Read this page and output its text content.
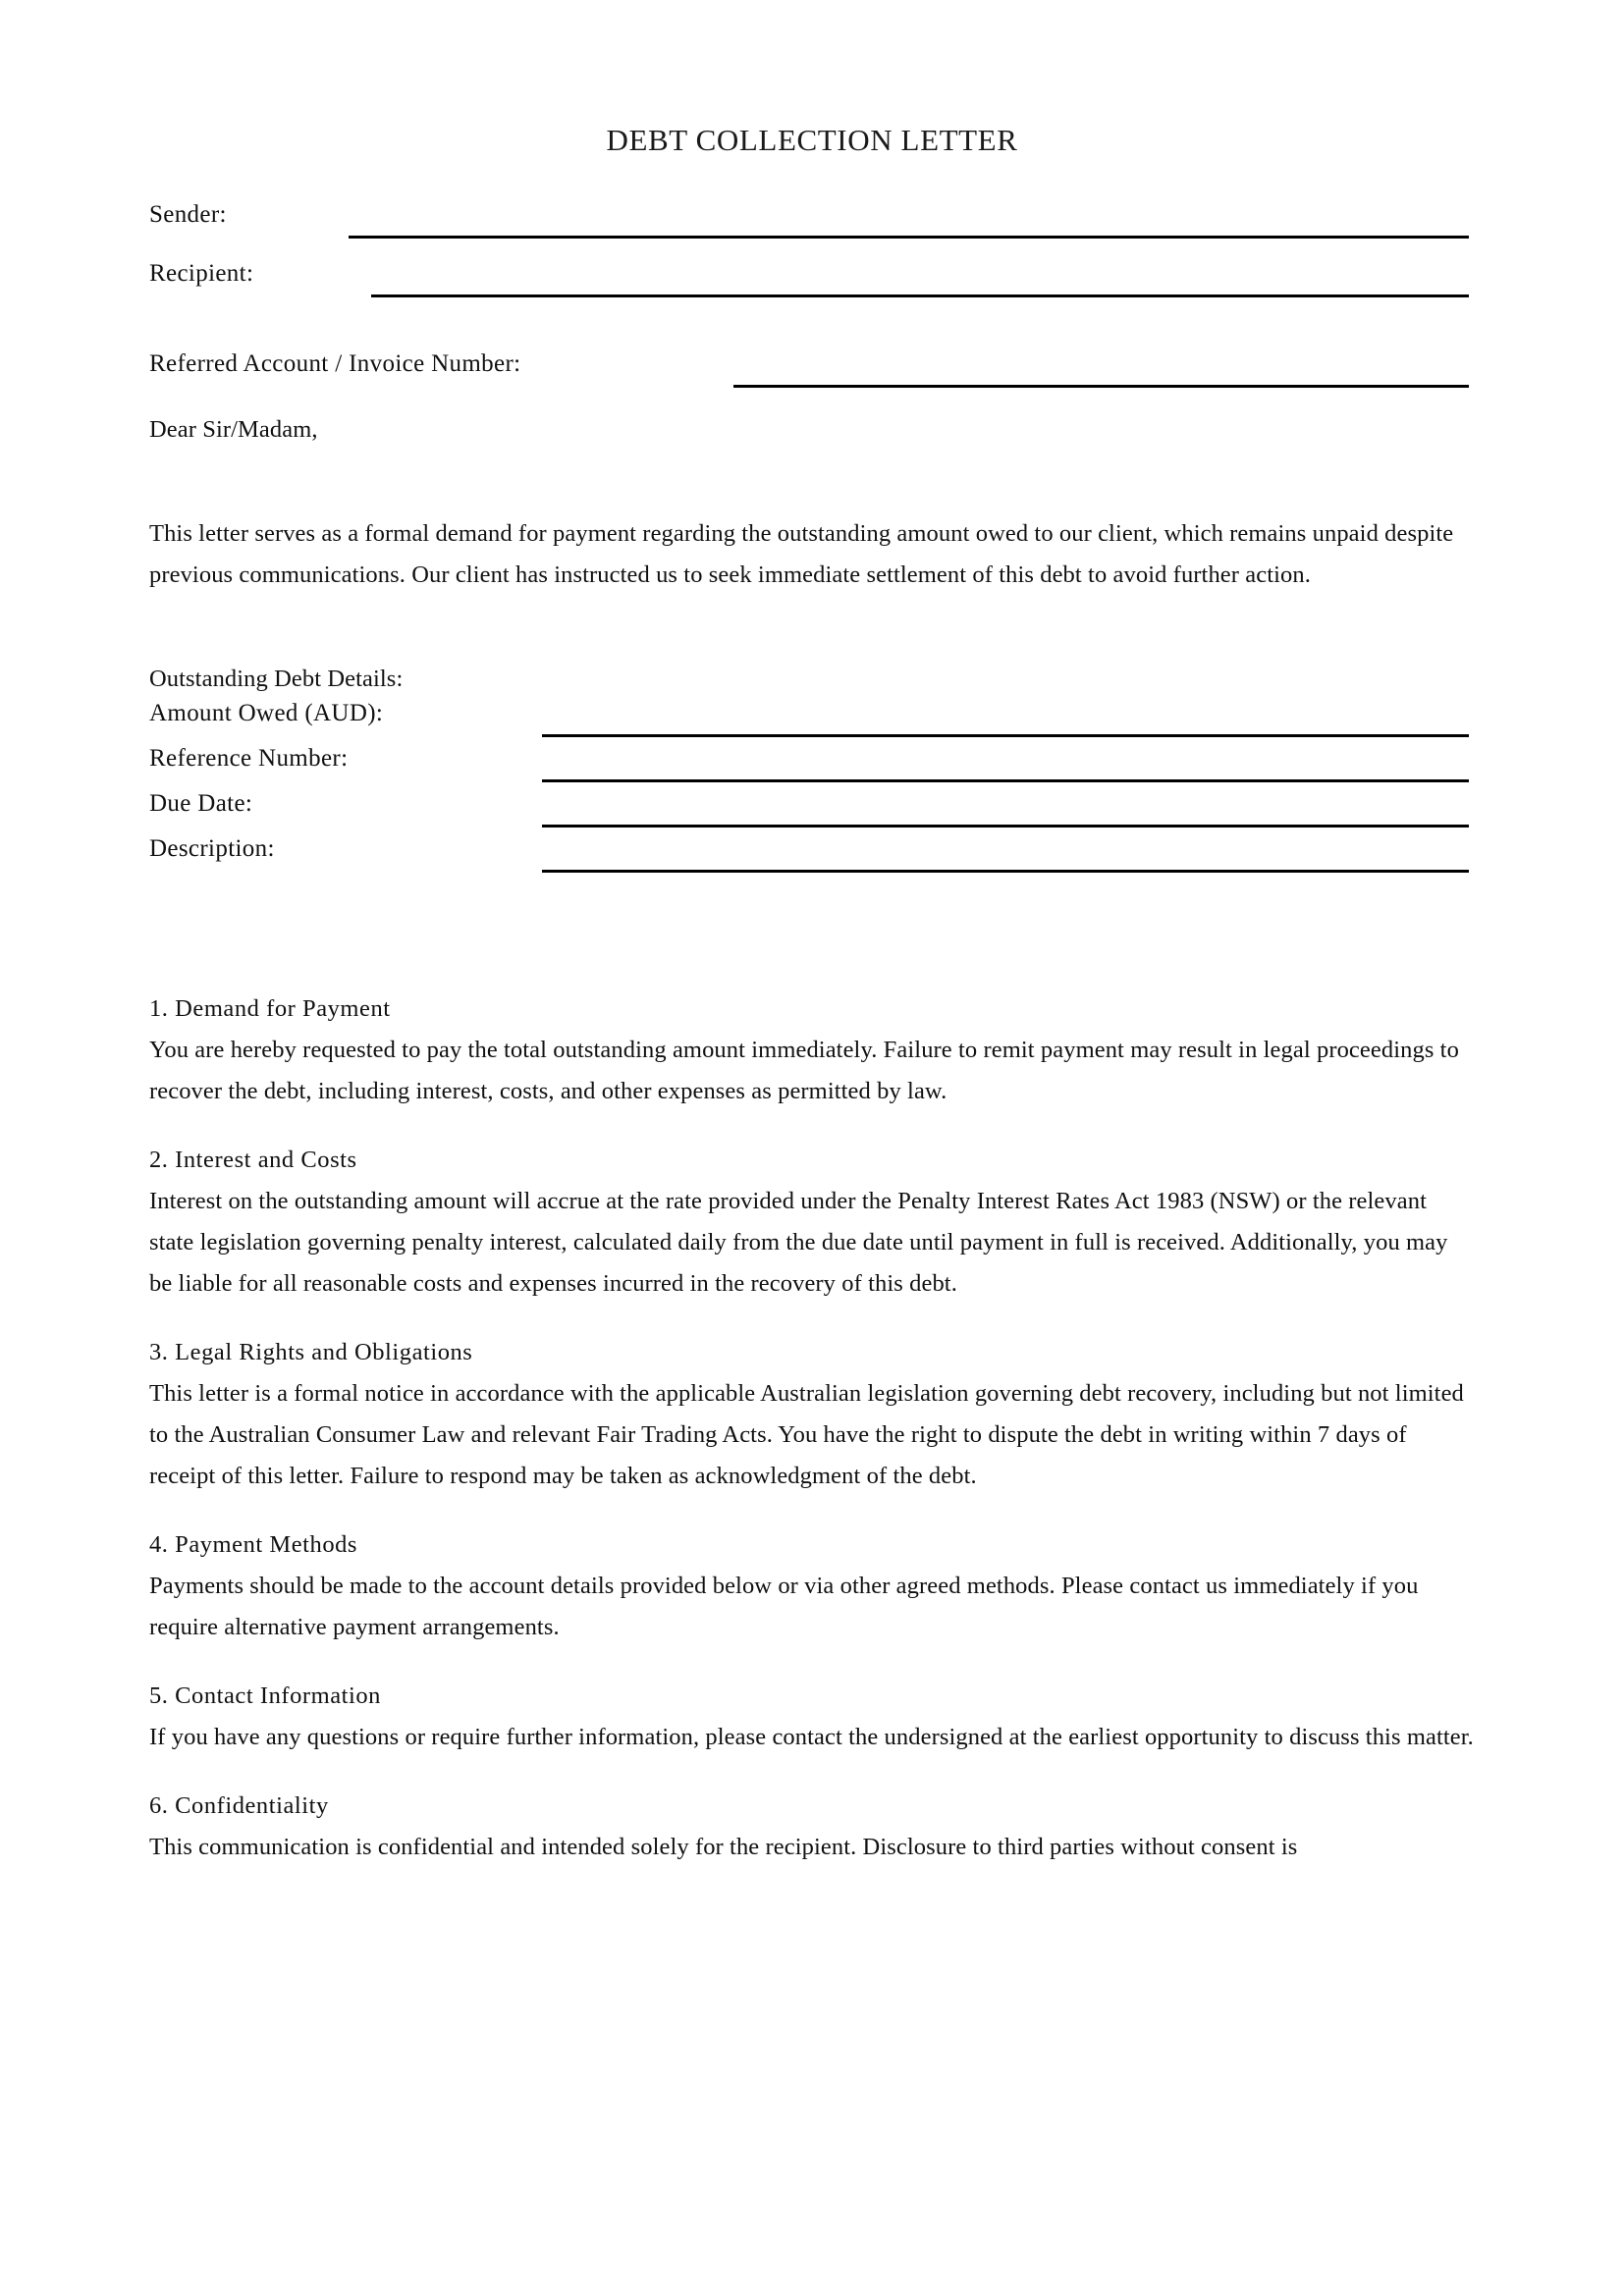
DEBT COLLECTION LETTER
Sender:
Recipient:
Referred Account / Invoice Number:
Dear Sir/Madam,
This letter serves as a formal demand for payment regarding the outstanding amount owed to our client, which remains unpaid despite previous communications. Our client has instructed us to seek immediate settlement of this debt to avoid further action.
Outstanding Debt Details:
Amount Owed (AUD):
Reference Number:
Due Date:
Description:
1. Demand for Payment
You are hereby requested to pay the total outstanding amount immediately. Failure to remit payment may result in legal proceedings to recover the debt, including interest, costs, and other expenses as permitted by law.
2. Interest and Costs
Interest on the outstanding amount will accrue at the rate provided under the Penalty Interest Rates Act 1983 (NSW) or the relevant state legislation governing penalty interest, calculated daily from the due date until payment in full is received. Additionally, you may be liable for all reasonable costs and expenses incurred in the recovery of this debt.
3. Legal Rights and Obligations
This letter is a formal notice in accordance with the applicable Australian legislation governing debt recovery, including but not limited to the Australian Consumer Law and relevant Fair Trading Acts. You have the right to dispute the debt in writing within 7 days of receipt of this letter. Failure to respond may be taken as acknowledgment of the debt.
4. Payment Methods
Payments should be made to the account details provided below or via other agreed methods. Please contact us immediately if you require alternative payment arrangements.
5. Contact Information
If you have any questions or require further information, please contact the undersigned at the earliest opportunity to discuss this matter.
6. Confidentiality
This communication is confidential and intended solely for the recipient. Disclosure to third parties without consent is
